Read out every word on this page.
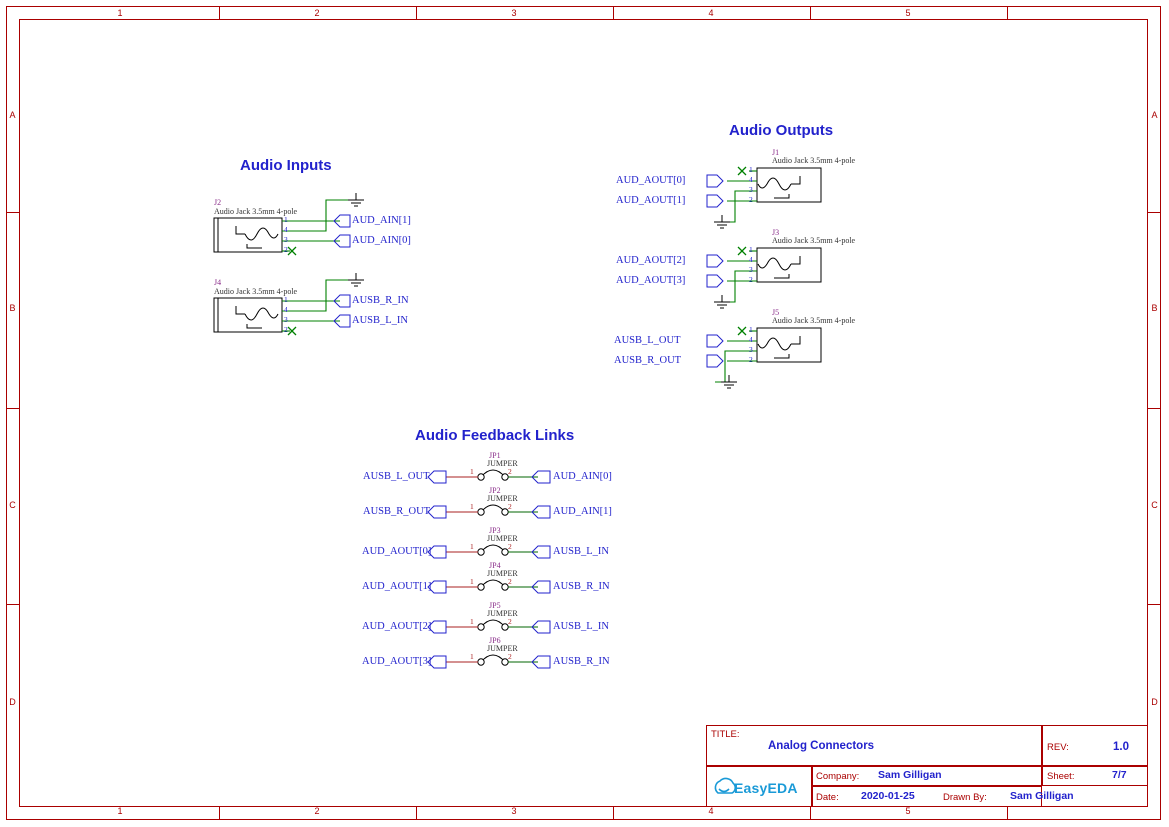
1	2	3	4	5
1	2	3	4	5
A
B
C
D
A
B
C
D
Audio Inputs
Audio Outputs
Audio Feedback Links
J2
Audio Jack 3.5mm 4-pole
J4
Audio Jack 3.5mm 4-pole
J1
Audio Jack 3.5mm 4-pole
J3
Audio Jack 3.5mm 4-pole
J5
Audio Jack 3.5mm 4-pole
JP1
JUMPER
JP2
JUMPER
JP3
JUMPER
JP4
JUMPER
JP5
JUMPER
JP6
JUMPER
1
4
3
2
1
4
3
2
1
4
3
2
1
4
3
2
1
4
3
2
1	2
1	2
1	2
1	2
1	2
1	2
AUD_AIN[1]
AUD_AIN[0]
AUSB_R_IN
AUSB_L_IN
AUD_AOUT[0]
AUD_AOUT[1]
AUD_AOUT[2]
AUD_AOUT[3]
AUSB_L_OUT
AUSB_R_OUT
AUSB_L_OUT
AUSB_R_OUT
AUD_AOUT[0]
AUD_AOUT[1]
AUD_AOUT[2]
AUD_AOUT[3]
AUD_AIN[0]
AUD_AIN[1]
AUSB_L_IN
AUSB_R_IN
AUSB_L_IN
AUSB_R_IN
TITLE:
Analog Connectors	REV:	1.0
Company: Sam Gilligan	Sheet:	7/7
Date: 2020-01-25	Drawn By: Sam Gilligan
EasyEDA
